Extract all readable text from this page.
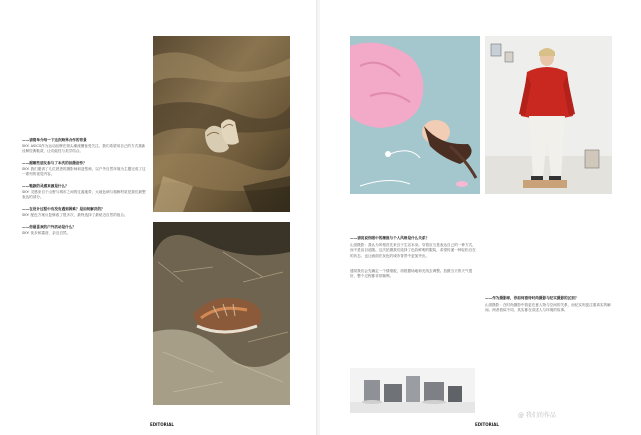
——请简单介绍一下这次跨界合作的背景
SKY: ASICS作为运动品牌在街头潮流圈备受关注，我们希望用自己的方式重新诠释经典鞋款，让功能性与美学结合。
——跟哪些朋友参与了本次的拍摄创作？
SKY: 我们邀请了几位熟悉的摄影师和造型师，以户外自然环境为主题完成了这一系列的视觉内容。
——鞋款的灵感来源是什么？
SKY: 灵感来自于山野与城市之间的过渡地带，大地色调与粗粝材质是我们最想表达的部分。
——在设计过程中有没有遇到困难？是如何解决的？
SKY: 配色方案反复修改了很多次，最终选择了最贴近自然的组合。
——你最喜欢的户外活动是什么？
SKY: 徒步和露营，亲近自然。
EDITORIAL
——请说说你眼中的潮流与个人风格是什么关系？
山顶摄影：我认为风格首先来自于生活本身。穿着应当是表达自己的一种方式，而不是盲目追随。这次拍摄我们选择了色彩鲜明的服装，希望传递一种轻松自在的状态，也让画面在灰色的城市背景中更加突出。
通常我们会先确定一个情绪板，再根据场地和光线去调整。拍摄当天的天气很好，整个过程都非常顺利。
——作为摄影师，你如何看待时尚摄影与纪实摄影的区别？
山顶摄影：在时尚摄影中我更在意人物与空间的关系，而纪实则更注重真实的瞬间。两者看似不同，其实都在讲述人与环境的故事。
@ 我们的作品
EDITORIAL
